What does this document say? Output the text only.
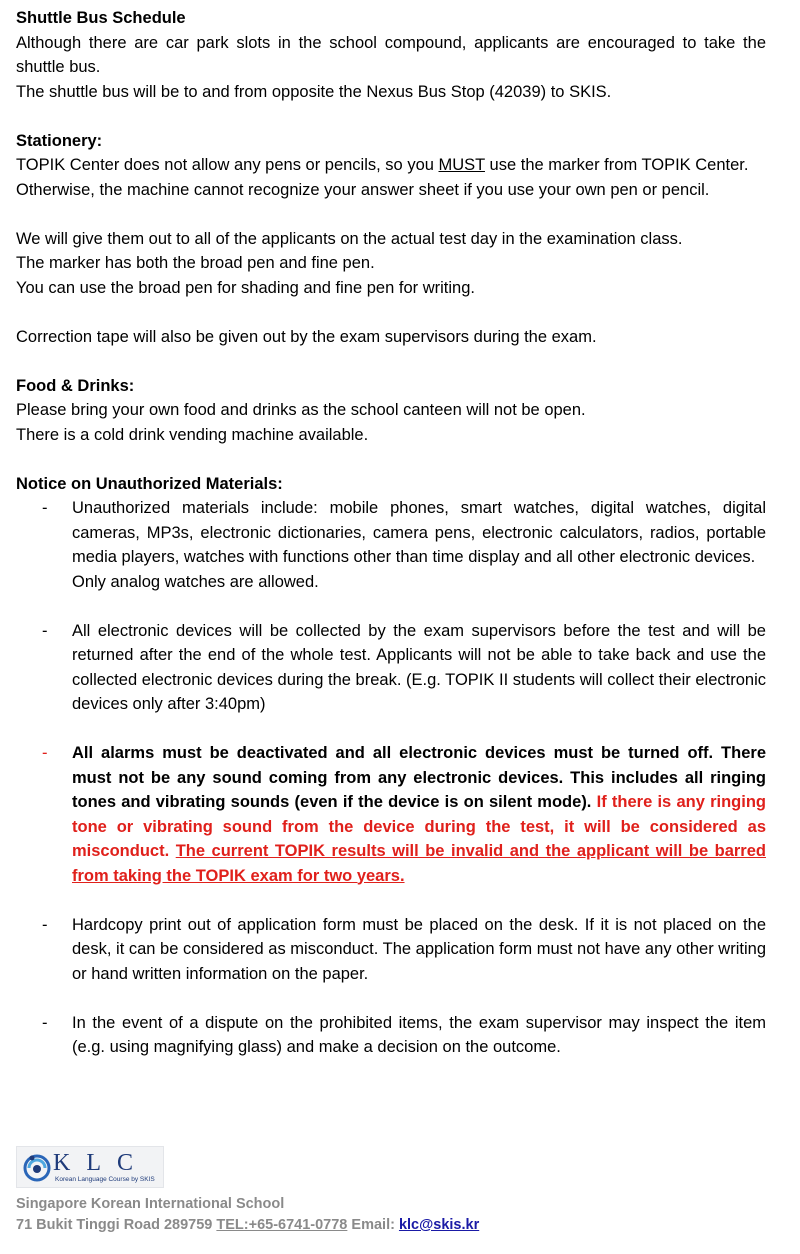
Shuttle Bus Schedule

Although there are car park slots in the school compound, applicants are encouraged to take the shuttle bus.

The shuttle bus will be to and from opposite the Nexus Bus Stop (42039) to SKIS.

Stationery:

TOPIK Center does not allow any pens or pencils, so you MUST use the marker from TOPIK Center.

Otherwise, the machine cannot recognize your answer sheet if you use your own pen or pencil.

We will give them out to all of the applicants on the actual test day in the examination class.

The marker has both the broad pen and fine pen.

You can use the broad pen for shading and fine pen for writing.

Correction tape will also be given out by the exam supervisors during the exam.

Food & Drinks:

Please bring your own food and drinks as the school canteen will not be open.

There is a cold drink vending machine available.

Notice on Unauthorized Materials:

- Unauthorized materials include: mobile phones, smart watches, digital watches, digital cameras, MP3s, electronic dictionaries, camera pens, electronic calculators, radios, portable media players, watches with functions other than time display and all other electronic devices.

Only analog watches are allowed.

- All electronic devices will be collected by the exam supervisors before the test and will be returned after the end of the whole test. Applicants will not be able to take back and use the collected electronic devices during the break. (E.g. TOPIK II students will collect their electronic devices only after 3:40pm)

- All alarms must be deactivated and all electronic devices must be turned off. There must not be any sound coming from any electronic devices. This includes all ringing tones and vibrating sounds (even if the device is on silent mode). If there is any ringing tone or vibrating sound from the device during the test, it will be considered as misconduct. The current TOPIK results will be invalid and the applicant will be barred from taking the TOPIK exam for two years.

- Hardcopy print out of application form must be placed on the desk. If it is not placed on the desk, it can be considered as misconduct. The application form must not have any other writing or hand written information on the paper.

- In the event of a dispute on the prohibited items, the exam supervisor may inspect the item (e.g. using magnifying glass) and make a decision on the outcome.

KLC
Korean Language Course by SKIS
Singapore Korean International School
71 Bukit Tinggi Road 289759 TEL:+65-6741-0778 Email: klc@skis.kr
